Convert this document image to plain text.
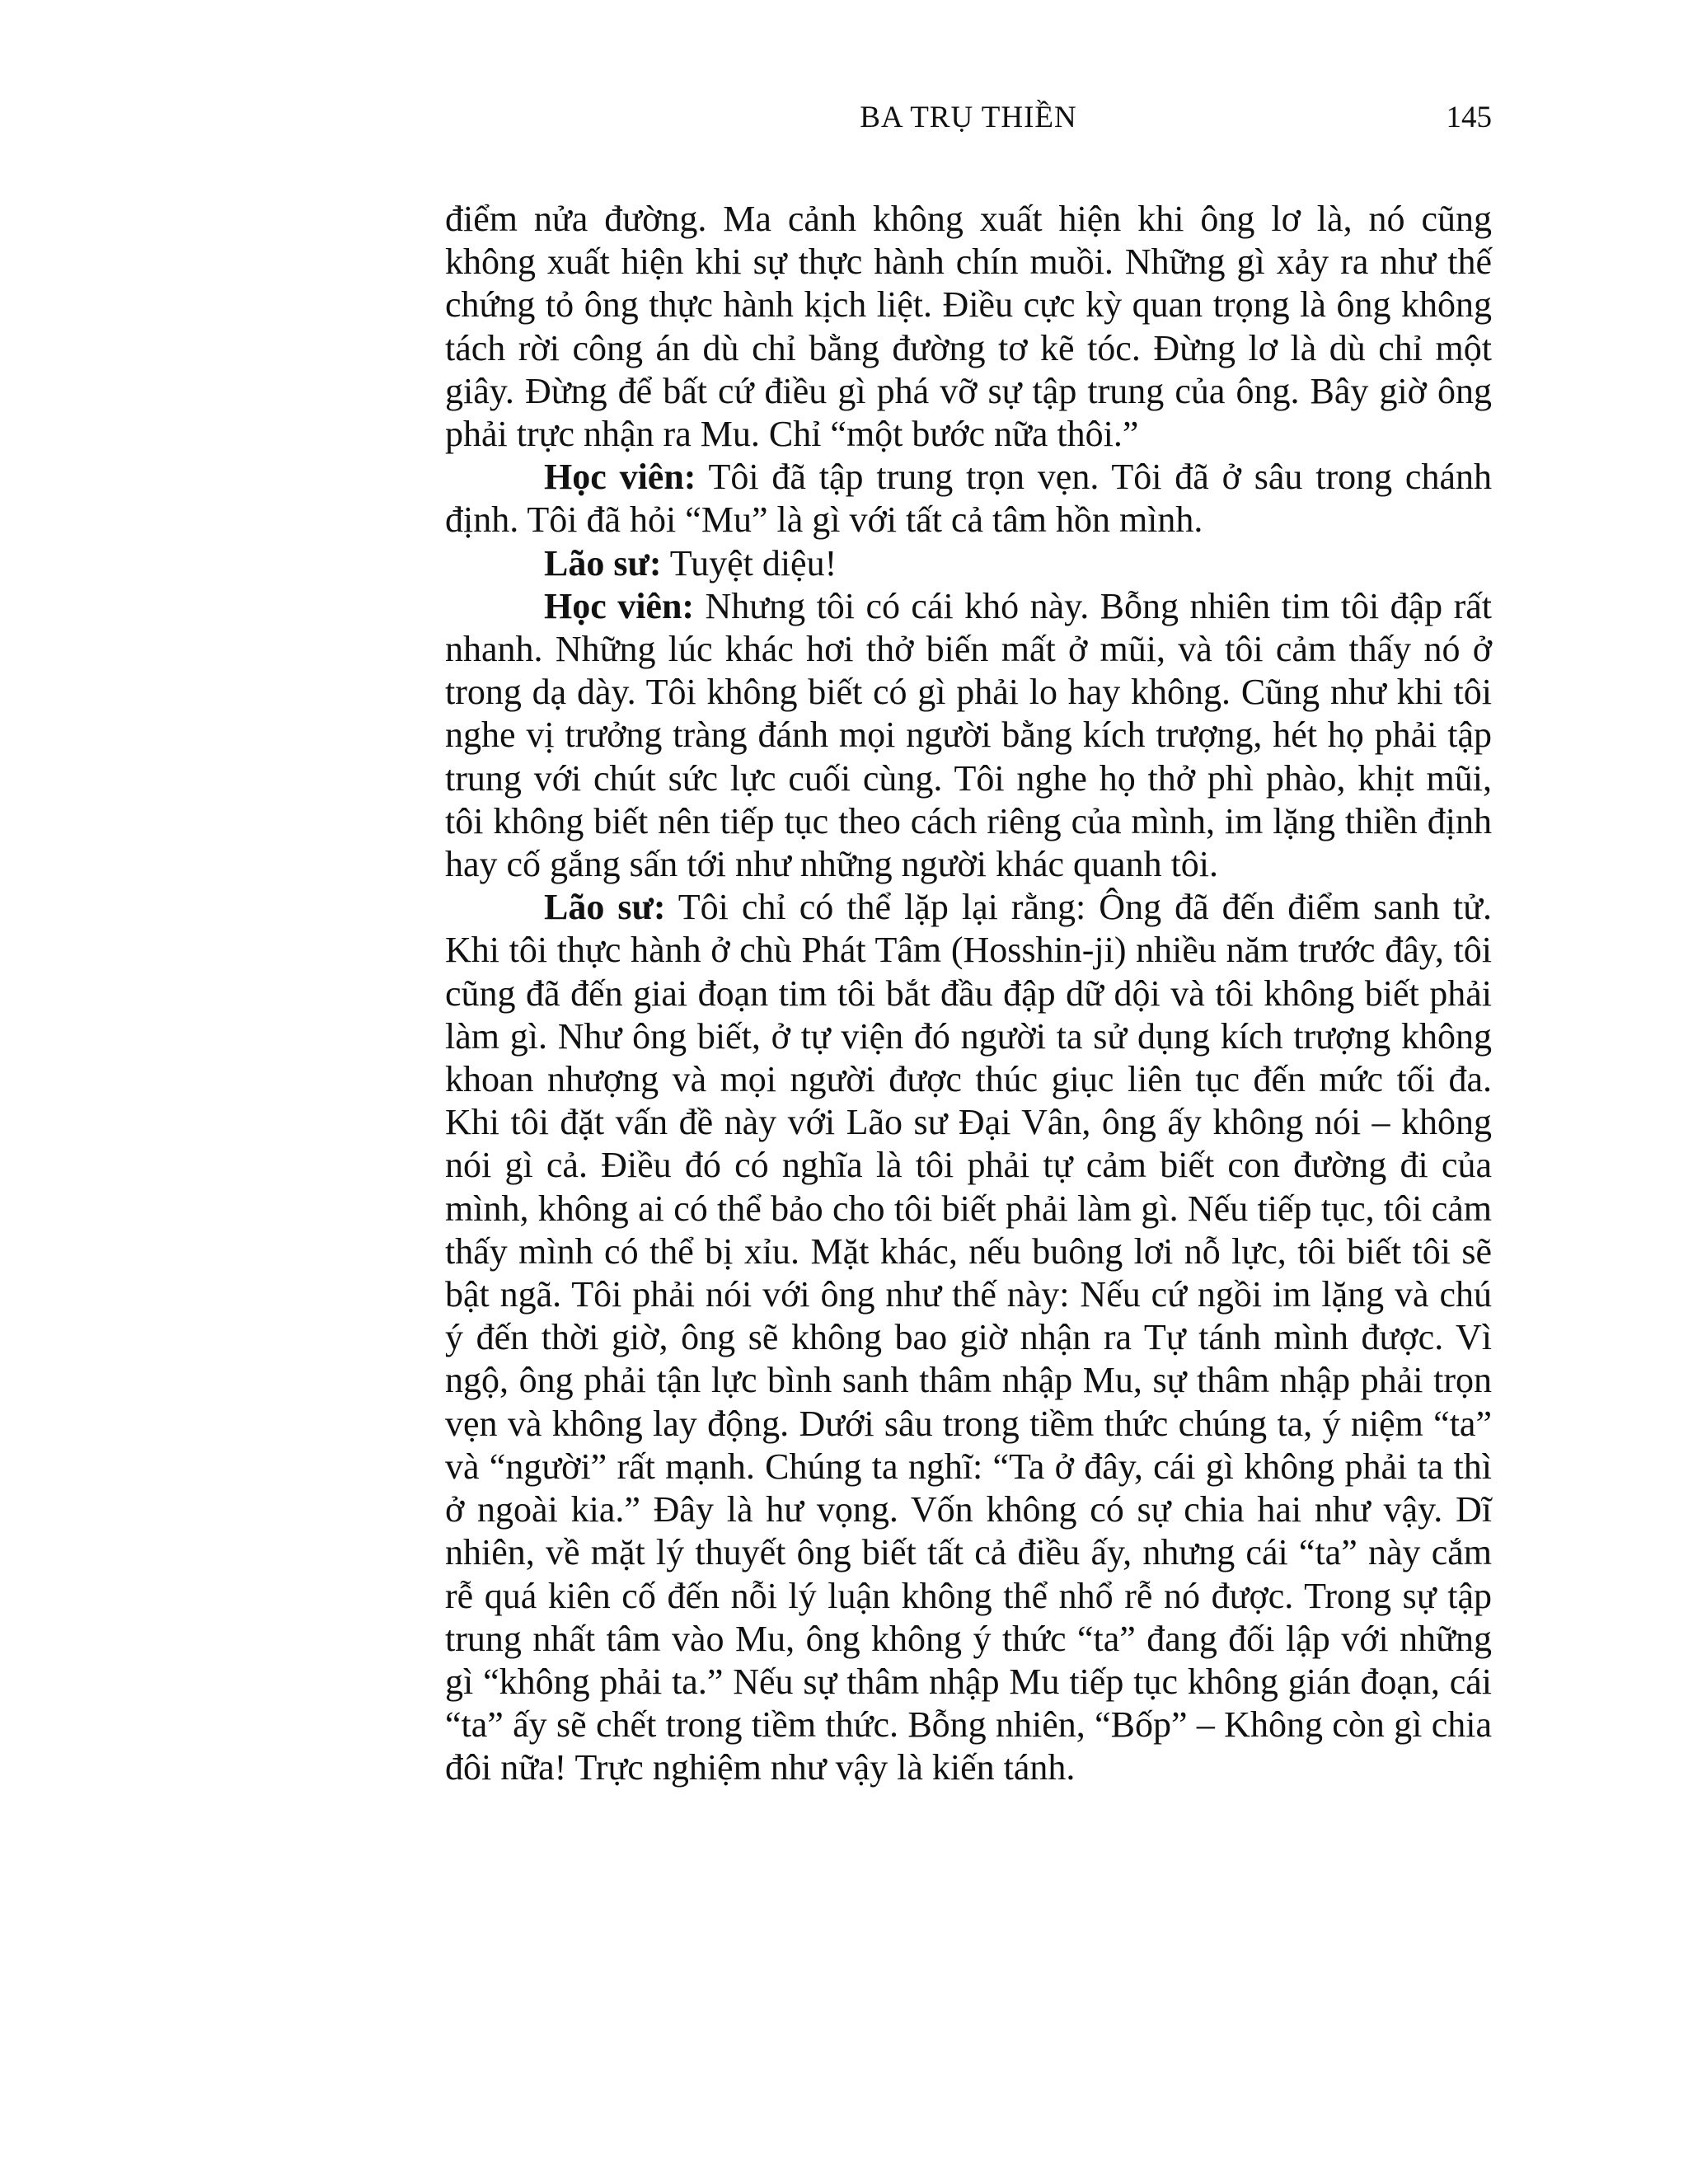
BA TRỤ THIỀN	145

điểm nửa đường. Ma cảnh không xuất hiện khi ông lơ là, nó cũng không xuất hiện khi sự thực hành chín muồi. Những gì xảy ra như thế chứng tỏ ông thực hành kịch liệt. Điều cực kỳ quan trọng là ông không tách rời công án dù chỉ bằng đường tơ kẽ tóc. Đừng lơ là dù chỉ một giây. Đừng để bất cứ điều gì phá vỡ sự tập trung của ông. Bây giờ ông phải trực nhận ra Mu. Chỉ “một bước nữa thôi.”

Học viên: Tôi đã tập trung trọn vẹn. Tôi đã ở sâu trong chánh định. Tôi đã hỏi “Mu” là gì với tất cả tâm hồn mình.

Lão sư: Tuyệt diệu!

Học viên: Nhưng tôi có cái khó này. Bỗng nhiên tim tôi đập rất nhanh. Những lúc khác hơi thở biến mất ở mũi, và tôi cảm thấy nó ở trong dạ dày. Tôi không biết có gì phải lo hay không. Cũng như khi tôi nghe vị trưởng tràng đánh mọi người bằng kích trượng, hét họ phải tập trung với chút sức lực cuối cùng. Tôi nghe họ thở phì phào, khịt mũi, tôi không biết nên tiếp tục theo cách riêng của mình, im lặng thiền định hay cố gắng sấn tới như những người khác quanh tôi.

Lão sư: Tôi chỉ có thể lặp lại rằng: Ông đã đến điểm sanh tử. Khi tôi thực hành ở chù Phát Tâm (Hosshin-ji) nhiều năm trước đây, tôi cũng đã đến giai đoạn tim tôi bắt đầu đập dữ dội và tôi không biết phải làm gì. Như ông biết, ở tự viện đó người ta sử dụng kích trượng không khoan nhượng và mọi người được thúc giục liên tục đến mức tối đa. Khi tôi đặt vấn đề này với Lão sư Đại Vân, ông ấy không nói – không nói gì cả. Điều đó có nghĩa là tôi phải tự cảm biết con đường đi của mình, không ai có thể bảo cho tôi biết phải làm gì. Nếu tiếp tục, tôi cảm thấy mình có thể bị xỉu. Mặt khác, nếu buông lơi nỗ lực, tôi biết tôi sẽ bật ngã. Tôi phải nói với ông như thế này: Nếu cứ ngồi im lặng và chú ý đến thời giờ, ông sẽ không bao giờ nhận ra Tự tánh mình được. Vì ngộ, ông phải tận lực bình sanh thâm nhập Mu, sự thâm nhập phải trọn vẹn và không lay động. Dưới sâu trong tiềm thức chúng ta, ý niệm “ta” và “người” rất mạnh. Chúng ta nghĩ: “Ta ở đây, cái gì không phải ta thì ở ngoài kia.” Đây là hư vọng. Vốn không có sự chia hai như vậy. Dĩ nhiên, về mặt lý thuyết ông biết tất cả điều ấy, nhưng cái “ta” này cắm rễ quá kiên cố đến nỗi lý luận không thể nhổ rễ nó được. Trong sự tập trung nhất tâm vào Mu, ông không ý thức “ta” đang đối lập với những gì “không phải ta.” Nếu sự thâm nhập Mu tiếp tục không gián đoạn, cái “ta” ấy sẽ chết trong tiềm thức. Bỗng nhiên, “Bốp” – Không còn gì chia đôi nữa! Trực nghiệm như vậy là kiến tánh.
